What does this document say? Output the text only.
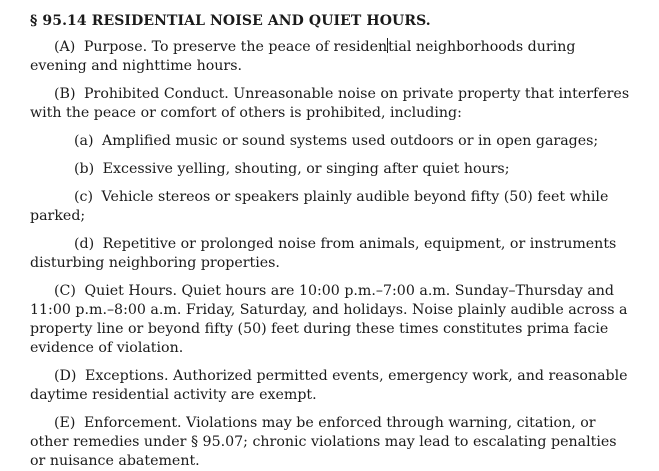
§ 95.14 RESIDENTIAL NOISE AND QUIET HOURS.

(A) Purpose. To preserve the peace of residential neighborhoods during evening and nighttime hours.

(B) Prohibited Conduct. Unreasonable noise on private property that interferes with the peace or comfort of others is prohibited, including:

(a) Amplified music or sound systems used outdoors or in open garages;

(b) Excessive yelling, shouting, or singing after quiet hours;

(c) Vehicle stereos or speakers plainly audible beyond fifty (50) feet while parked;

(d) Repetitive or prolonged noise from animals, equipment, or instruments disturbing neighboring properties.

(C) Quiet Hours. Quiet hours are 10:00 p.m.–7:00 a.m. Sunday–Thursday and 11:00 p.m.–8:00 a.m. Friday, Saturday, and holidays. Noise plainly audible across a property line or beyond fifty (50) feet during these times constitutes prima facie evidence of violation.

(D) Exceptions. Authorized permitted events, emergency work, and reasonable daytime residential activity are exempt.

(E) Enforcement. Violations may be enforced through warning, citation, or other remedies under § 95.07; chronic violations may lead to escalating penalties or nuisance abatement.
